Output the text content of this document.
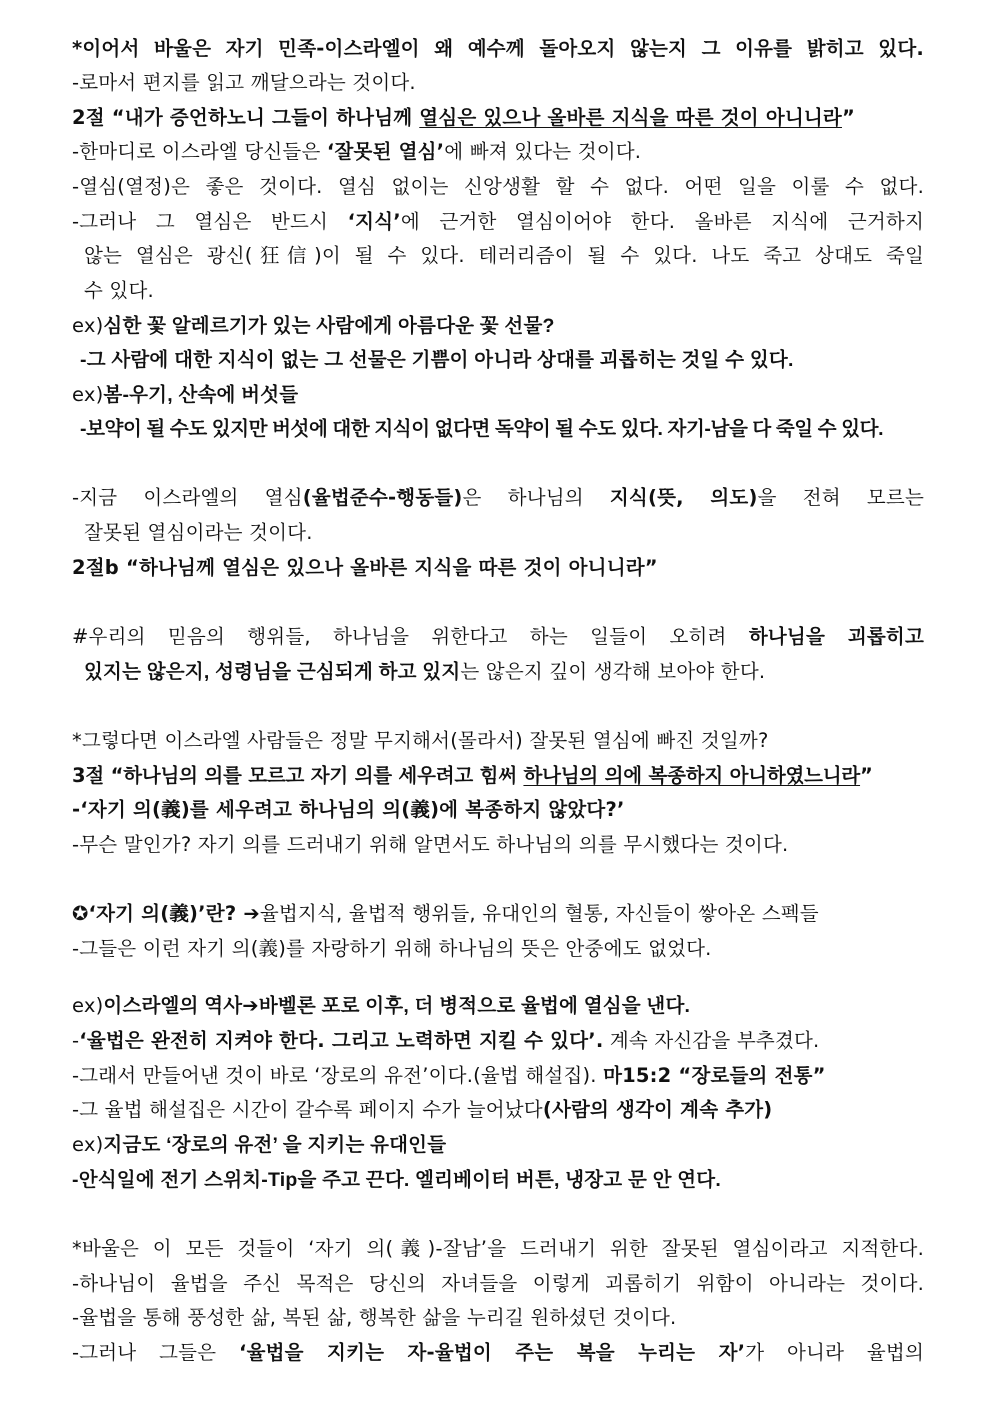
*이어서 바울은 자기 민족-이스라엘이 왜 예수께 돌아오지 않는지 그 이유를 밝히고 있다.
-로마서 편지를 읽고 깨달으라는 것이다.
2절 “내가 증언하노니 그들이 하나님께 열심은 있으나 올바른 지식을 따른 것이 아니니라”
-한마디로 이스라엘 당신들은 ‘잘못된 열심’에 빠져 있다는 것이다.
-열심(열정)은 좋은 것이다. 열심 없이는 신앙생활 할 수 없다. 어떤 일을 이룰 수 없다.
-그러나 그 열심은 반드시 ‘지식’에 근거한 열심이어야 한다. 올바른 지식에 근거하지
않는 열심은 광신(狂信)이 될 수 있다. 테러리즘이 될 수 있다. 나도 죽고 상대도 죽일
수 있다.
ex)심한 꽃 알레르기가 있는 사람에게 아름다운 꽃 선물?
-그 사람에 대한 지식이 없는 그 선물은 기쁨이 아니라 상대를 괴롭히는 것일 수 있다.
ex)봄-우기, 산속에 버섯들
-보약이 될 수도 있지만 버섯에 대한 지식이 없다면 독약이 될 수도 있다. 자기-남을 다 죽일 수 있다.
-지금 이스라엘의 열심(율법준수-행동들)은 하나님의 지식(뜻, 의도)을 전혀 모르는
잘못된 열심이라는 것이다.
2절b “하나님께 열심은 있으나 올바른 지식을 따른 것이 아니니라”
#우리의 믿음의 행위들, 하나님을 위한다고 하는 일들이 오히려 하나님을 괴롭히고
있지는 않은지, 성령님을 근심되게 하고 있지는 않은지 깊이 생각해 보아야 한다.
*그렇다면 이스라엘 사람들은 정말 무지해서(몰라서) 잘못된 열심에 빠진 것일까?
3절 “하나님의 의를 모르고 자기 의를 세우려고 힘써 하나님의 의에 복종하지 아니하였느니라”
-‘자기 의(義)를 세우려고 하나님의 의(義)에 복종하지 않았다?’
-무슨 말인가? 자기 의를 드러내기 위해 알면서도 하나님의 의를 무시했다는 것이다.
✪‘자기 의(義)’란? ➔율법지식, 율법적 행위들, 유대인의 혈통, 자신들이 쌓아온 스펙들
-그들은 이런 자기 의(義)를 자랑하기 위해 하나님의 뜻은 안중에도 없었다.
ex)이스라엘의 역사➔바벨론 포로 이후, 더 병적으로 율법에 열심을 낸다.
-‘율법은 완전히 지켜야 한다. 그리고 노력하면 지킬 수 있다’. 계속 자신감을 부추겼다.
-그래서 만들어낸 것이 바로 ‘장로의 유전’이다.(율법 해설집). 마15:2 “장로들의 전통”
-그 율법 해설집은 시간이 갈수록 페이지 수가 늘어났다(사람의 생각이 계속 추가)
ex)지금도 ‘장로의 유전’ 을 지키는 유대인들
-안식일에 전기 스위치-Tip을 주고 끈다. 엘리베이터 버튼, 냉장고 문 안 연다.
*바울은 이 모든 것들이 ‘자기 의(義)-잘남’을 드러내기 위한 잘못된 열심이라고 지적한다.
-하나님이 율법을 주신 목적은 당신의 자녀들을 이렇게 괴롭히기 위함이 아니라는 것이다.
-율법을 통해 풍성한 삶, 복된 삶, 행복한 삶을 누리길 원하셨던 것이다.
-그러나 그들은 ‘율법을 지키는 자-율법이 주는 복을 누리는 자’가 아니라 율법의
